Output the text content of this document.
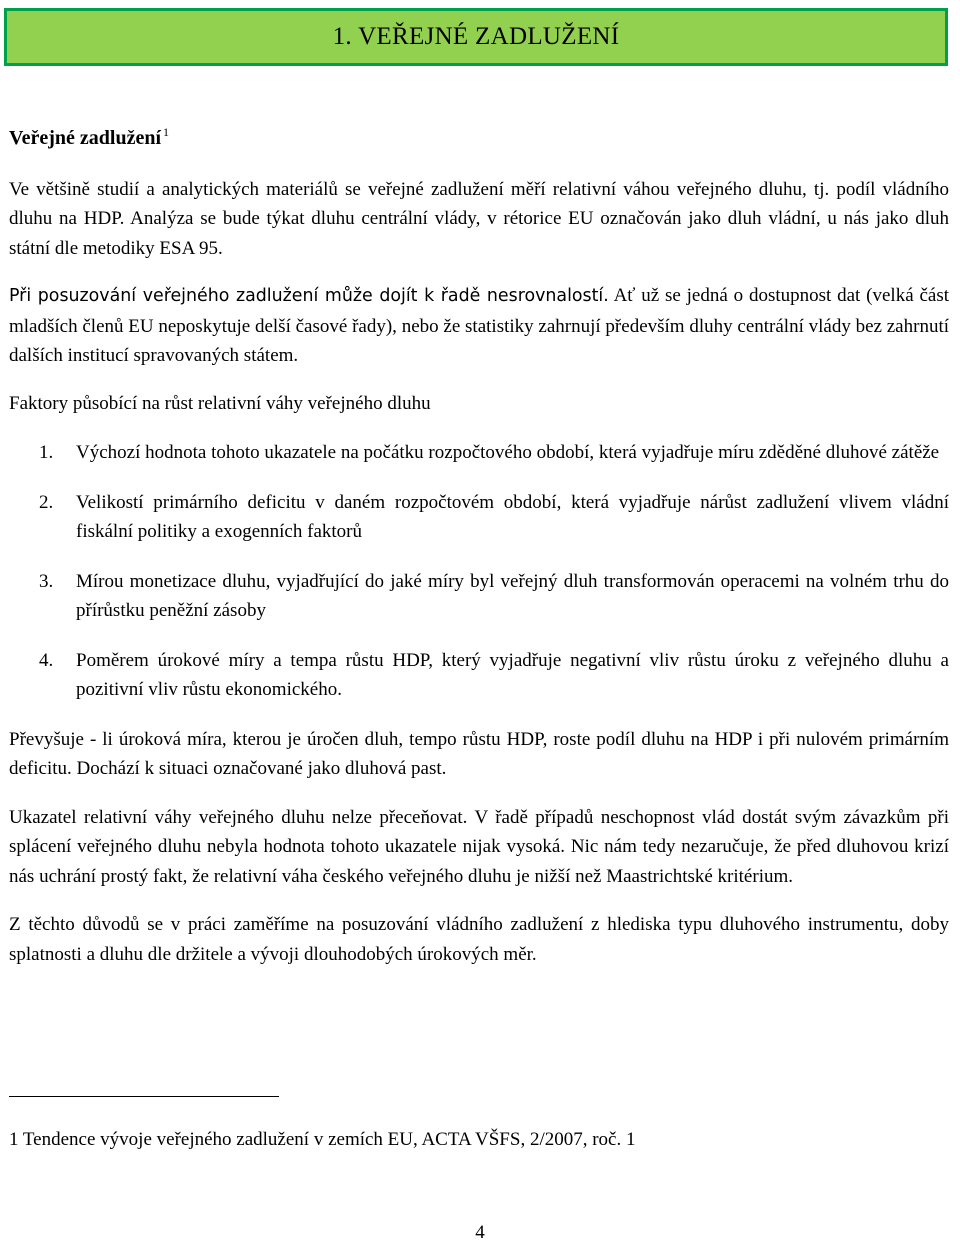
1. VEŘEJNÉ ZADLUŽENÍ

Veřejné zadlužení $^1$

Ve většině studií a analytických materiálů se veřejné zadlužení měří relativní váhou veřejného dluhu, tj. podíl vládního dluhu na HDP. Analýza se bude týkat dluhu centrální vlády, v rétorice EU označován jako dluh vládní, u nás jako dluh státní dle metodiky ESA 95.

Při posuzování veřejného zadlužení může dojít k řadě nesrovnalostí. Ať už se jedná o dostupnost dat (velká část mladších členů EU neposkytuje delší časové řady), nebo že statistiky zahrnují především dluhy centrální vlády bez zahrnutí dalších institucí spravovaných státem.

Faktory působící na růst relativní váhy veřejného dluhu

1.	Výchozí hodnota tohoto ukazatele na počátku rozpočtového období, která vyjadřuje míru zděděné dluhové zátěže
2.	Velikostí primárního deficitu v daném rozpočtovém období, která vyjadřuje nárůst zadlužení vlivem vládní fiskální politiky a exogenních faktorů
3.	Mírou monetizace dluhu, vyjadřující do jaké míry byl veřejný dluh transformován operacemi na volném trhu do přírůstku peněžní zásoby
4.	Poměrem úrokové míry a tempa růstu HDP, který vyjadřuje negativní vliv růstu úroku z veřejného dluhu a pozitivní vliv růstu ekonomického.

Převyšuje - li úroková míra, kterou je úročen dluh, tempo růstu HDP, roste podíl dluhu na HDP i při nulovém primárním deficitu. Dochází k situaci označované jako dluhová past.

Ukazatel relativní váhy veřejného dluhu nelze přeceňovat. V řadě případů neschopnost vlád dostát svým závazkům při splácení veřejného dluhu nebyla hodnota tohoto ukazatele nijak vysoká. Nic nám tedy nezaručuje, že před dluhovou krizí nás uchrání prostý fakt, že relativní váha českého veřejného dluhu je nižší než Maastrichtské kritérium.

Z těchto důvodů se v práci zaměříme na posuzování vládního zadlužení z hlediska typu dluhového instrumentu, doby splatnosti a dluhu dle držitele a vývoji dlouhodobých úrokových měr.

1 Tendence vývoje veřejného zadlužení v zemích EU, ACTA VŠFS, 2/2007, roč. 1
4
